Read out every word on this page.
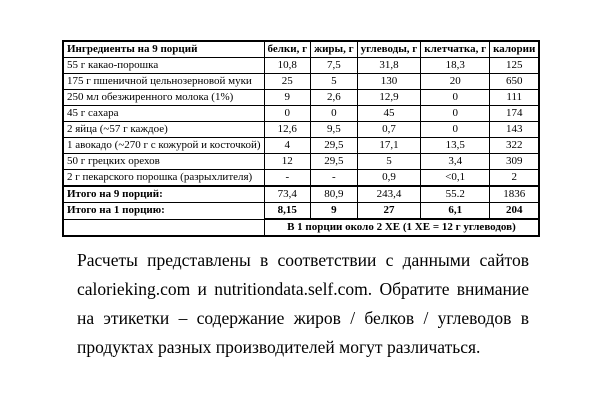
Ингредиенты на 9 порций	белки, г	жиры, г	углеводы, г	клетчатка, г	калории
55 г какао-порошка	10,8	7,5	31,8	18,3	125
175 г пшеничной цельнозерновой муки	25	5	130	20	650
250 мл обезжиренного молока (1%)	9	2,6	12,9	0	111
45 г сахара	0	0	45	0	174
2 яйца (~57 г каждое)	12,6	9,5	0,7	0	143
1 авокадо (~270 г с кожурой и косточкой)	4	29,5	17,1	13,5	322
50 г грецких орехов	12	29,5	5	3,4	309
2 г пекарского порошка (разрыхлителя)	-	-	0,9	<0,1	2
Итого на 9 порций:	73,4	80,9	243,4	55.2	1836
Итого на 1 порцию:	8,15	9	27	6,1	204
	В 1 порции около 2 ХЕ (1 ХЕ = 12 г углеводов)				
Расчеты представлены в соответствии с данными сайтов calorieking.com и nutritiondata.self.com. Обратите внимание на этикетки – содержание жиров / белков / углеводов в продуктах разных производителей могут различаться.
